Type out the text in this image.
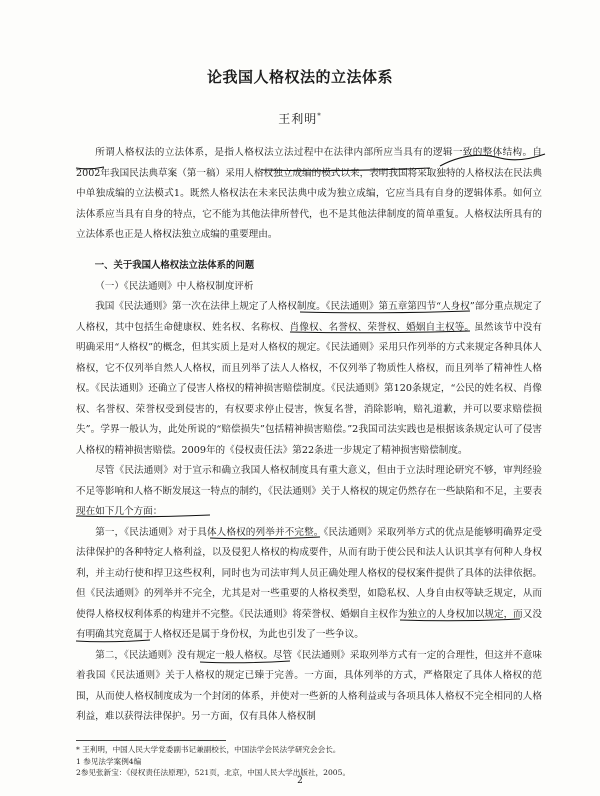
论我国人格权法的立法体系
王利明*

所谓人格权法的立法体系，是指人格权法立法过程中在法律内部所应当具有的逻辑一致的整体结构。自2002年我国民法典草案（第一稿）采用人格权独立成编的模式以来，表明我国将采取独特的人格权法在民法典中单独成编的立法模式1。既然人格权法在未来民法典中成为独立成编，它应当具有自身的逻辑体系。如何立法体系应当具有自身的特点，它不能为其他法律所替代，也不是其他法律制度的简单重复。人格权法所具有的立法体系也正是人格权法独立成编的重要理由。

一、关于我国人格权法立法体系的问题

（一）《民法通则》中人格权制度评析

我国《民法通则》第一次在法律上规定了人格权制度。《民法通则》第五章第四节“人身权”部分重点规定了人格权，其中包括生命健康权、姓名权、名称权、肖像权、名誉权、荣誉权、婚姻自主权等。虽然该节中没有明确采用“人格权”的概念，但其实质上是对人格权的规定。《民法通则》采用只作列举的方式来规定各种具体人格权，它不仅列举自然人人格权，而且列举了法人人格权，不仅列举了物质性人格权，而且列举了精神性人格权。《民法通则》还确立了侵害人格权的精神损害赔偿制度。《民法通则》第120条规定，“公民的姓名权、肖像权、名誉权、荣誉权受到侵害的，有权要求停止侵害，恢复名誉，消除影响，赔礼道歉，并可以要求赔偿损失”。学界一般认为，此处所说的“赔偿损失”包括精神损害赔偿。”2我国司法实践也是根据该条规定认可了侵害人格权的精神损害赔偿。2009年的《侵权责任法》第22条进一步规定了精神损害赔偿制度。

尽管《民法通则》对于宣示和确立我国人格权制度具有重大意义，但由于立法时理论研究不够，审判经验不足等影响和人格不断发展这一特点的制约，《民法通则》关于人格权的规定仍然存在一些缺陷和不足，主要表现在如下几个方面：

第一，《民法通则》对于具体人格权的列举并不完整。《民法通则》采取列举方式的优点是能够明确界定受法律保护的各种特定人格利益，以及侵犯人格权的构成要件，从而有助于使公民和法人认识其享有何种人身权利，并主动行使和捍卫这些权利，同时也为司法审判人员正确处理人格权的侵权案件提供了具体的法律依据。但《民法通则》的列举并不完全，尤其是对一些重要的人格权类型，如隐私权、人身自由权等缺乏规定，从而使得人格权权利体系的构建并不完整。《民法通则》将荣誉权、婚姻自主权作为独立的人身权加以规定，而又没有明确其究竟属于人格权还是属于身份权，为此也引发了一些争议。

第二，《民法通则》没有规定一般人格权。尽管《民法通则》采取列举方式有一定的合理性，但这并不意味着我国《民法通则》关于人格权的规定已臻于完善。一方面，具体列举的方式，严格限定了具体人格权的范围，从而使人格权制度成为一个封闭的体系，并使对一些新的人格利益或与各项具体人格权不完全相同的人格利益，难以获得法律保护。另一方面，仅有具体人格权制

* 王利明，中国人民大学党委副书记兼副校长，中国法学会民法学研究会会长。
1 参见法学案例4编
2参见张新宝：《侵权责任法原理》，521页，北京，中国人民大学出版社，2005。
2
